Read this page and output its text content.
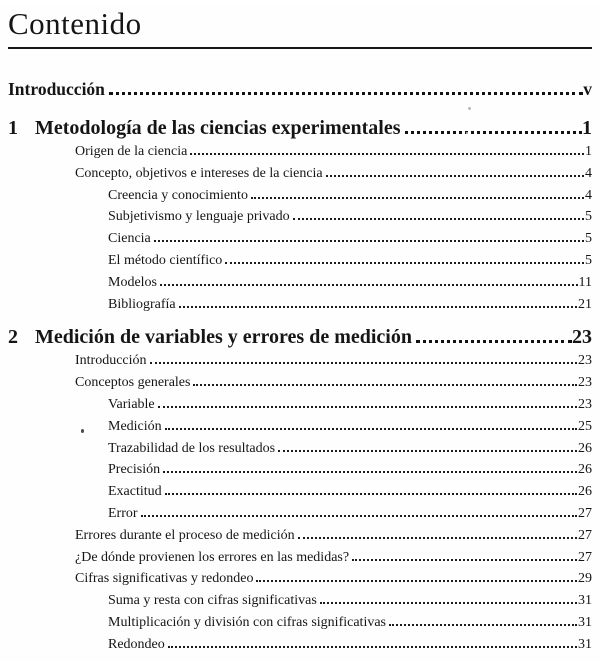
Contenido
Introducción	v
1 Metodología de las ciencias experimentales	1
Origen de la ciencia	1
Concepto, objetivos e intereses de la ciencia	4
Creencia y conocimiento	4
Subjetivismo y lenguaje privado	5
Ciencia	5
El método científico	5
Modelos	11
Bibliografía	21
2 Medición de variables y errores de medición	23
Introducción	23
Conceptos generales	23
Variable	23
Medición	25
Trazabilidad de los resultados	26
Precisión	26
Exactitud	26
Error	27
Errores durante el proceso de medición	27
¿De dónde provienen los errores en las medidas?	27
Cifras significativas y redondeo	29
Suma y resta con cifras significativas	31
Multiplicación y división con cifras significativas	31
Redondeo	31
